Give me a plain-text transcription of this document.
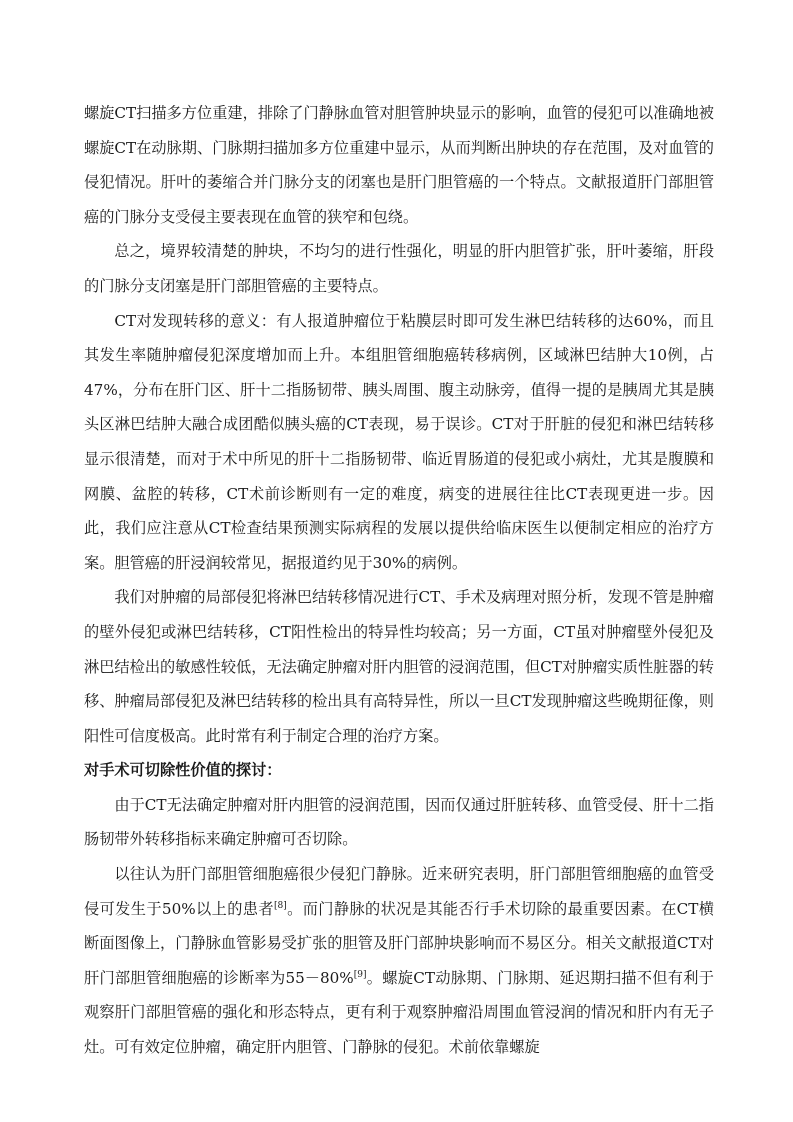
螺旋CT扫描多方位重建，排除了门静脉血管对胆管肿块显示的影响，血管的侵犯可以准确地被螺旋CT在动脉期、门脉期扫描加多方位重建中显示，从而判断出肿块的存在范围，及对血管的侵犯情况。肝叶的萎缩合并门脉分支的闭塞也是肝门胆管癌的一个特点。文献报道肝门部胆管癌的门脉分支受侵主要表现在血管的狭窄和包绕。

总之，境界较清楚的肿块，不均匀的进行性强化，明显的肝内胆管扩张，肝叶萎缩，肝段的门脉分支闭塞是肝门部胆管癌的主要特点。

CT对发现转移的意义：有人报道肿瘤位于粘膜层时即可发生淋巴结转移的达60%，而且其发生率随肿瘤侵犯深度增加而上升。本组胆管细胞癌转移病例，区域淋巴结肿大10例，占47%，分布在肝门区、肝十二指肠韧带、胰头周围、腹主动脉旁，值得一提的是胰周尤其是胰头区淋巴结肿大融合成团酷似胰头癌的CT表现，易于误诊。CT对于肝脏的侵犯和淋巴结转移显示很清楚，而对于术中所见的肝十二指肠韧带、临近胃肠道的侵犯或小病灶，尤其是腹膜和网膜、盆腔的转移，CT术前诊断则有一定的难度，病变的进展往往比CT表现更进一步。因此，我们应注意从CT检查结果预测实际病程的发展以提供给临床医生以便制定相应的治疗方案。胆管癌的肝浸润较常见，据报道约见于30%的病例。

我们对肿瘤的局部侵犯将淋巴结转移情况进行CT、手术及病理对照分析，发现不管是肿瘤的壁外侵犯或淋巴结转移，CT阳性检出的特异性均较高；另一方面，CT虽对肿瘤壁外侵犯及淋巴结检出的敏感性较低，无法确定肿瘤对肝内胆管的浸润范围，但CT对肿瘤实质性脏器的转移、肿瘤局部侵犯及淋巴结转移的检出具有高特异性，所以一旦CT发现肿瘤这些晚期征像，则阳性可信度极高。此时常有利于制定合理的治疗方案。

对手术可切除性价值的探讨：

由于CT无法确定肿瘤对肝内胆管的浸润范围，因而仅通过肝脏转移、血管受侵、肝十二指肠韧带外转移指标来确定肿瘤可否切除。

以往认为肝门部胆管细胞癌很少侵犯门静脉。近来研究表明，肝门部胆管细胞癌的血管受侵可发生于50%以上的患者[8]。而门静脉的状况是其能否行手术切除的最重要因素。在CT横断面图像上，门静脉血管影易受扩张的胆管及肝门部肿块影响而不易区分。相关文献报道CT对肝门部胆管细胞癌的诊断率为55－80%[9]。螺旋CT动脉期、门脉期、延迟期扫描不但有利于观察肝门部胆管癌的强化和形态特点，更有利于观察肿瘤沿周围血管浸润的情况和肝内有无子灶。可有效定位肿瘤，确定肝内胆管、门静脉的侵犯。术前依靠螺旋
